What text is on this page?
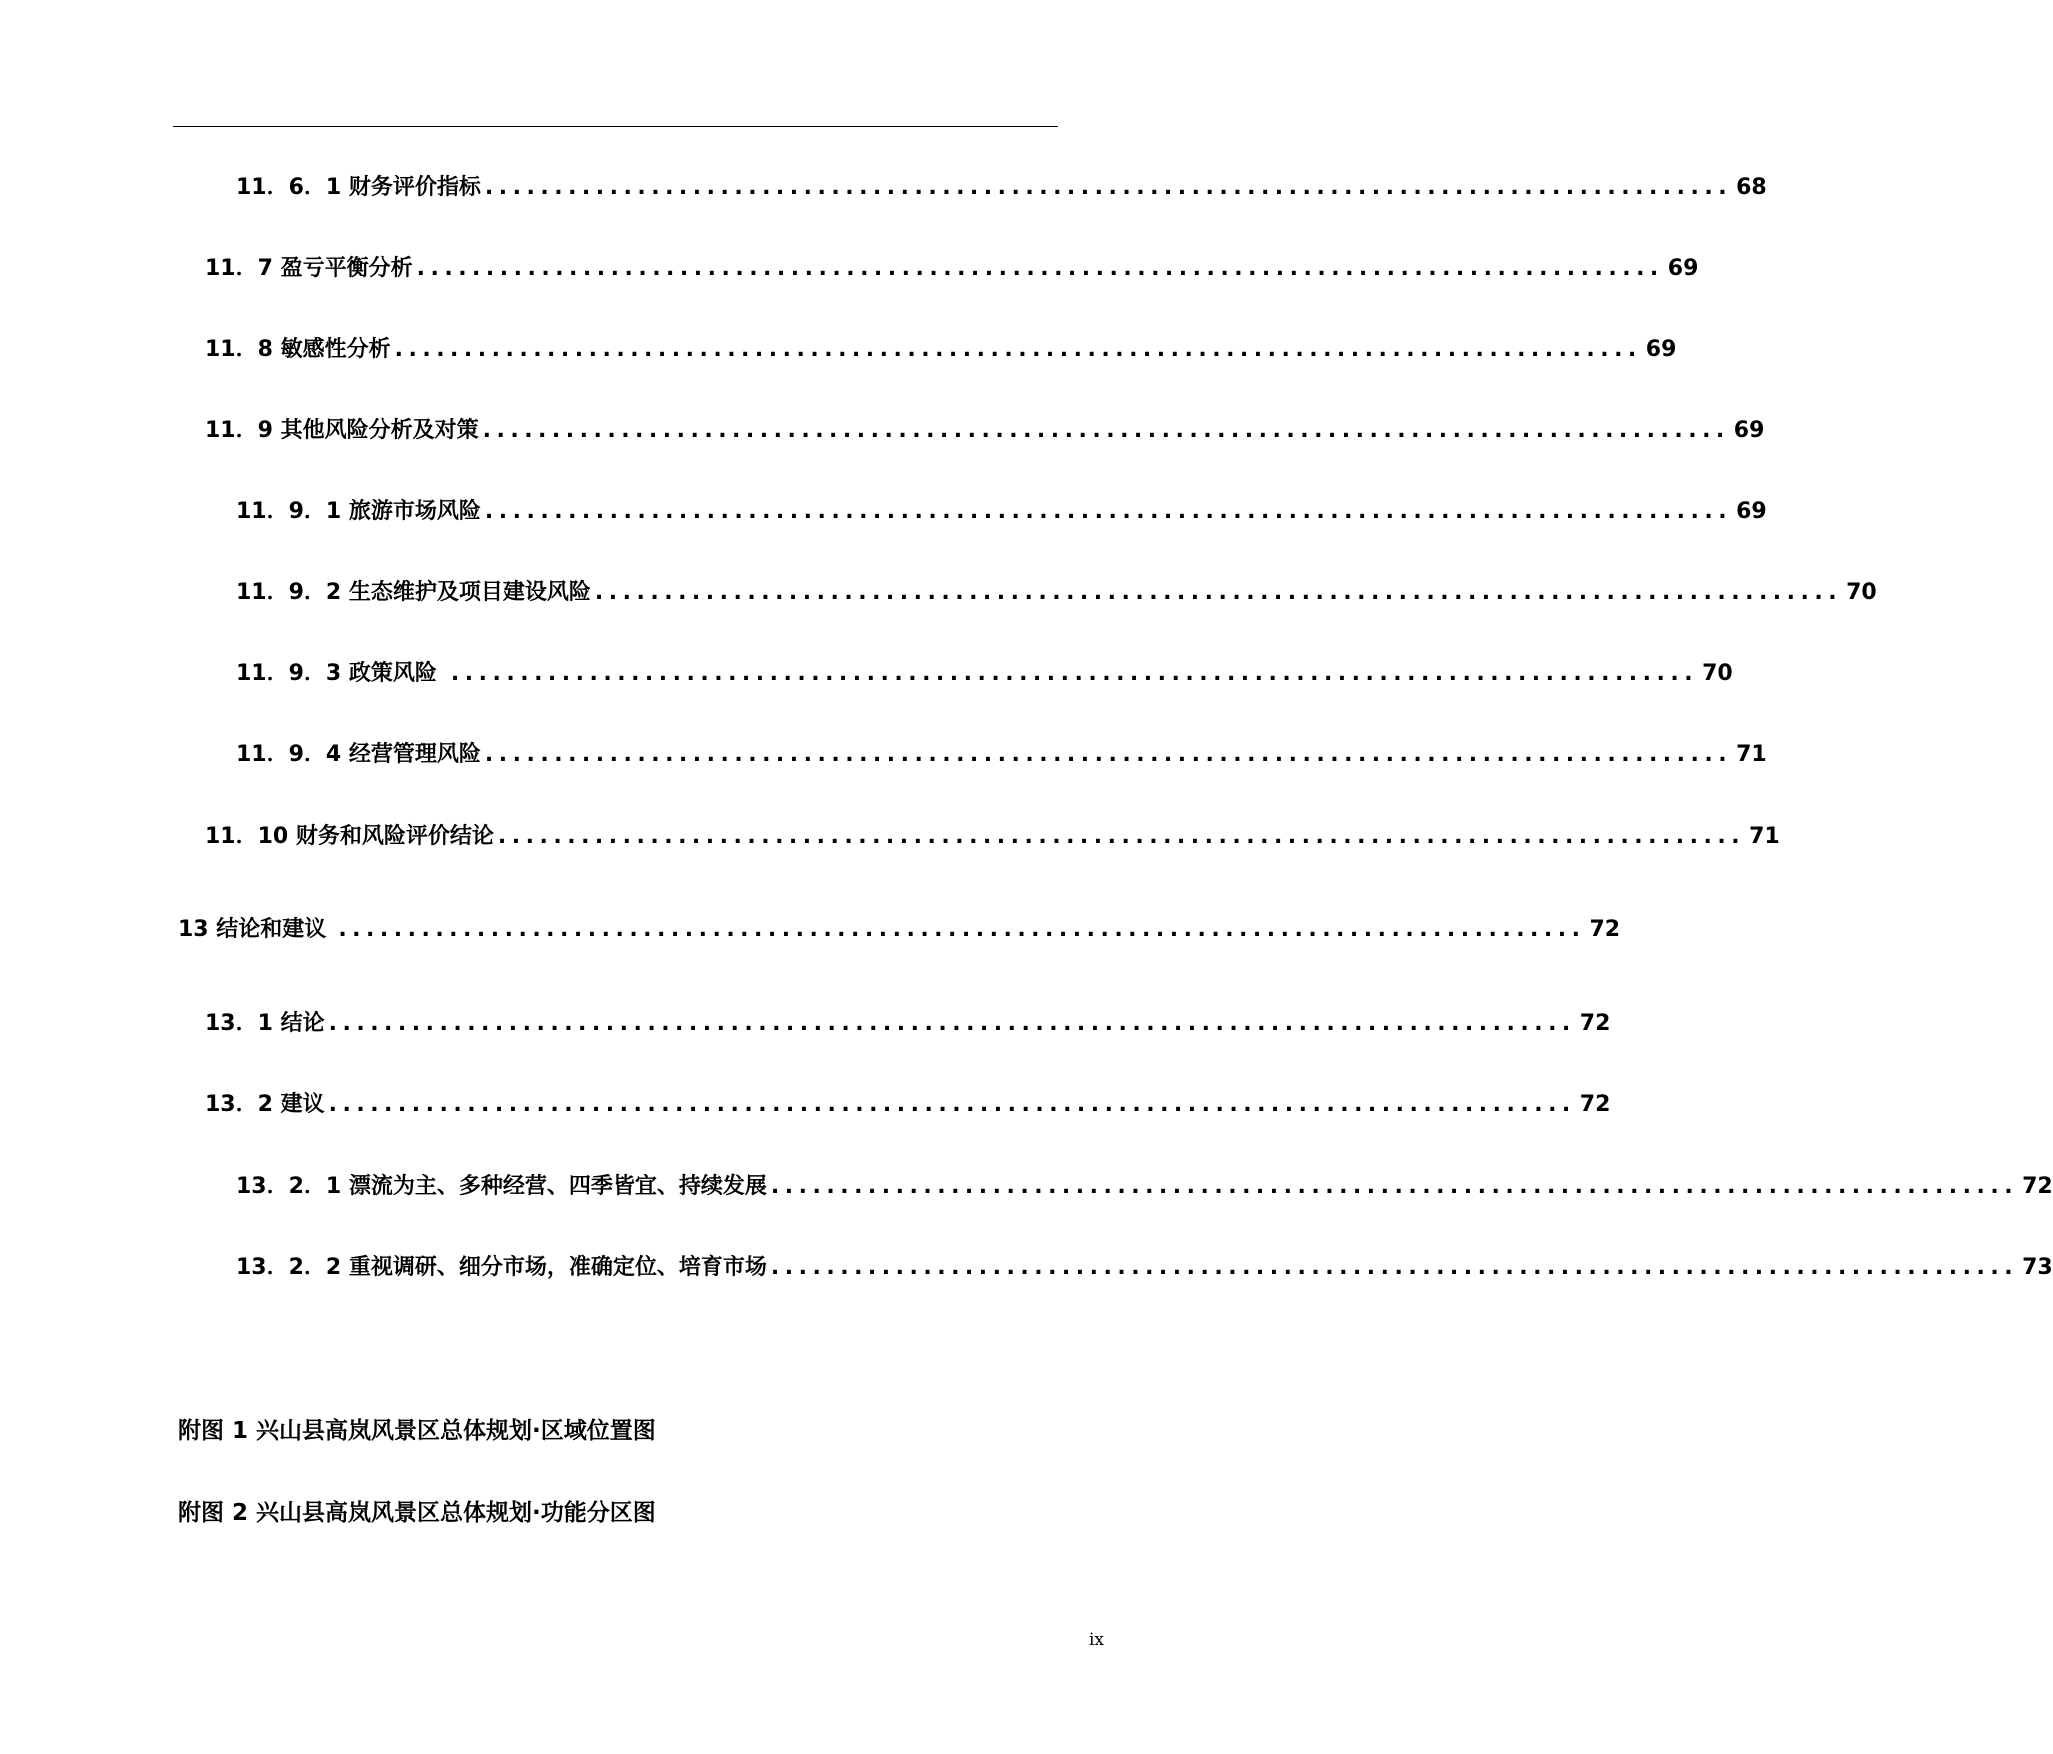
11．6．1 财务评价指标 .......................................................................................... 68
11．7 盈亏平衡分析 .......................................................................................... 69
11．8 敏感性分析 .......................................................................................... 69
11．9 其他风险分析及对策 .......................................................................................... 69
11．9．1 旅游市场风险 .......................................................................................... 69
11．9．2 生态维护及项目建设风险 .......................................................................................... 70
11．9．3 政策风险 .......................................................................................... 70
11．9．4 经营管理风险 .......................................................................................... 71
11．10 财务和风险评价结论 .......................................................................................... 71
13 结论和建议 .......................................................................................... 72
13．1 结论 .......................................................................................... 72
13．2 建议 .......................................................................................... 72
13．2．1 漂流为主、多种经营、四季皆宜、持续发展 .......................................................................................... 72
13．2．2 重视调研、细分市场，准确定位、培育市场 .......................................................................................... 73
附图 1 兴山县高岚风景区总体规划·区域位置图
附图 2 兴山县高岚风景区总体规划·功能分区图
ix
